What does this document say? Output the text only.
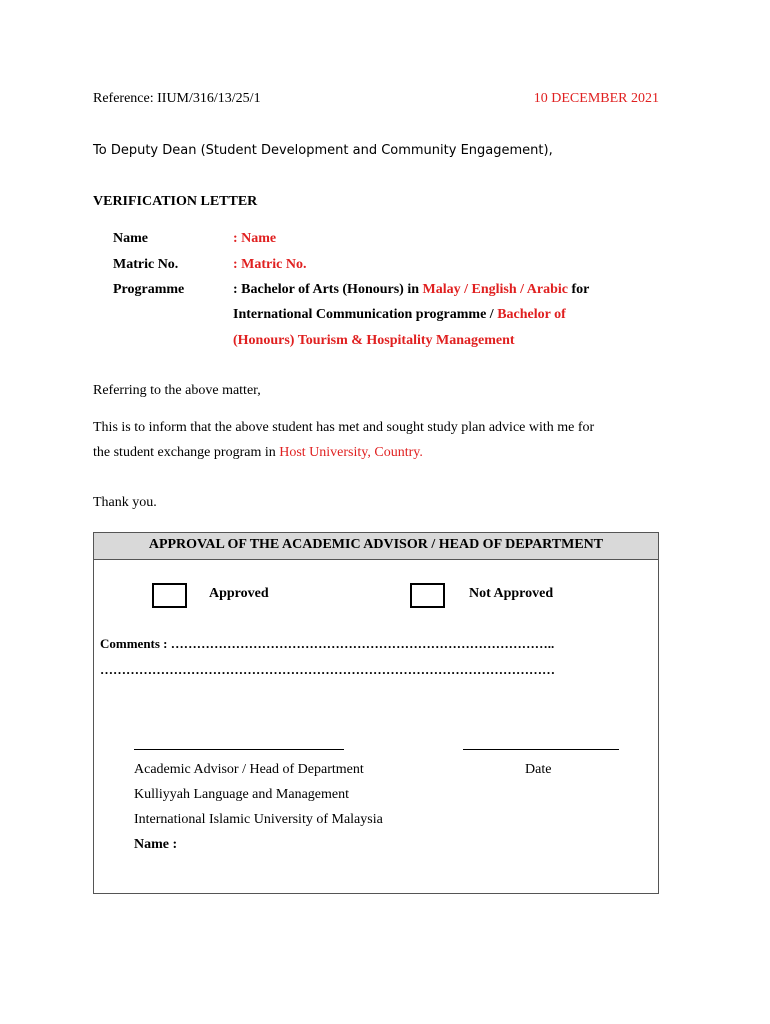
Reference: IIUM/316/13/25/1	10 DECEMBER 2021
To Deputy Dean (Student Development and Community Engagement),
VERIFICATION LETTER
Name	: Name
Matric No.	: Matric No.
Programme	: Bachelor of Arts (Honours) in Malay / English / Arabic for
International Communication programme / Bachelor of
(Honours) Tourism & Hospitality Management
Referring to the above matter,
This is to inform that the above student has met and sought study plan advice with me for
the student exchange program in Host University, Country.
Thank you.
APPROVAL OF THE ACADEMIC ADVISOR / HEAD OF DEPARTMENT
Approved	Not Approved
Comments : ……………………………………………………………………………..
……………………………………………………………………………………………
Academic Advisor / Head of Department	Date
Kulliyyah Language and Management
International Islamic University of Malaysia
Name :
